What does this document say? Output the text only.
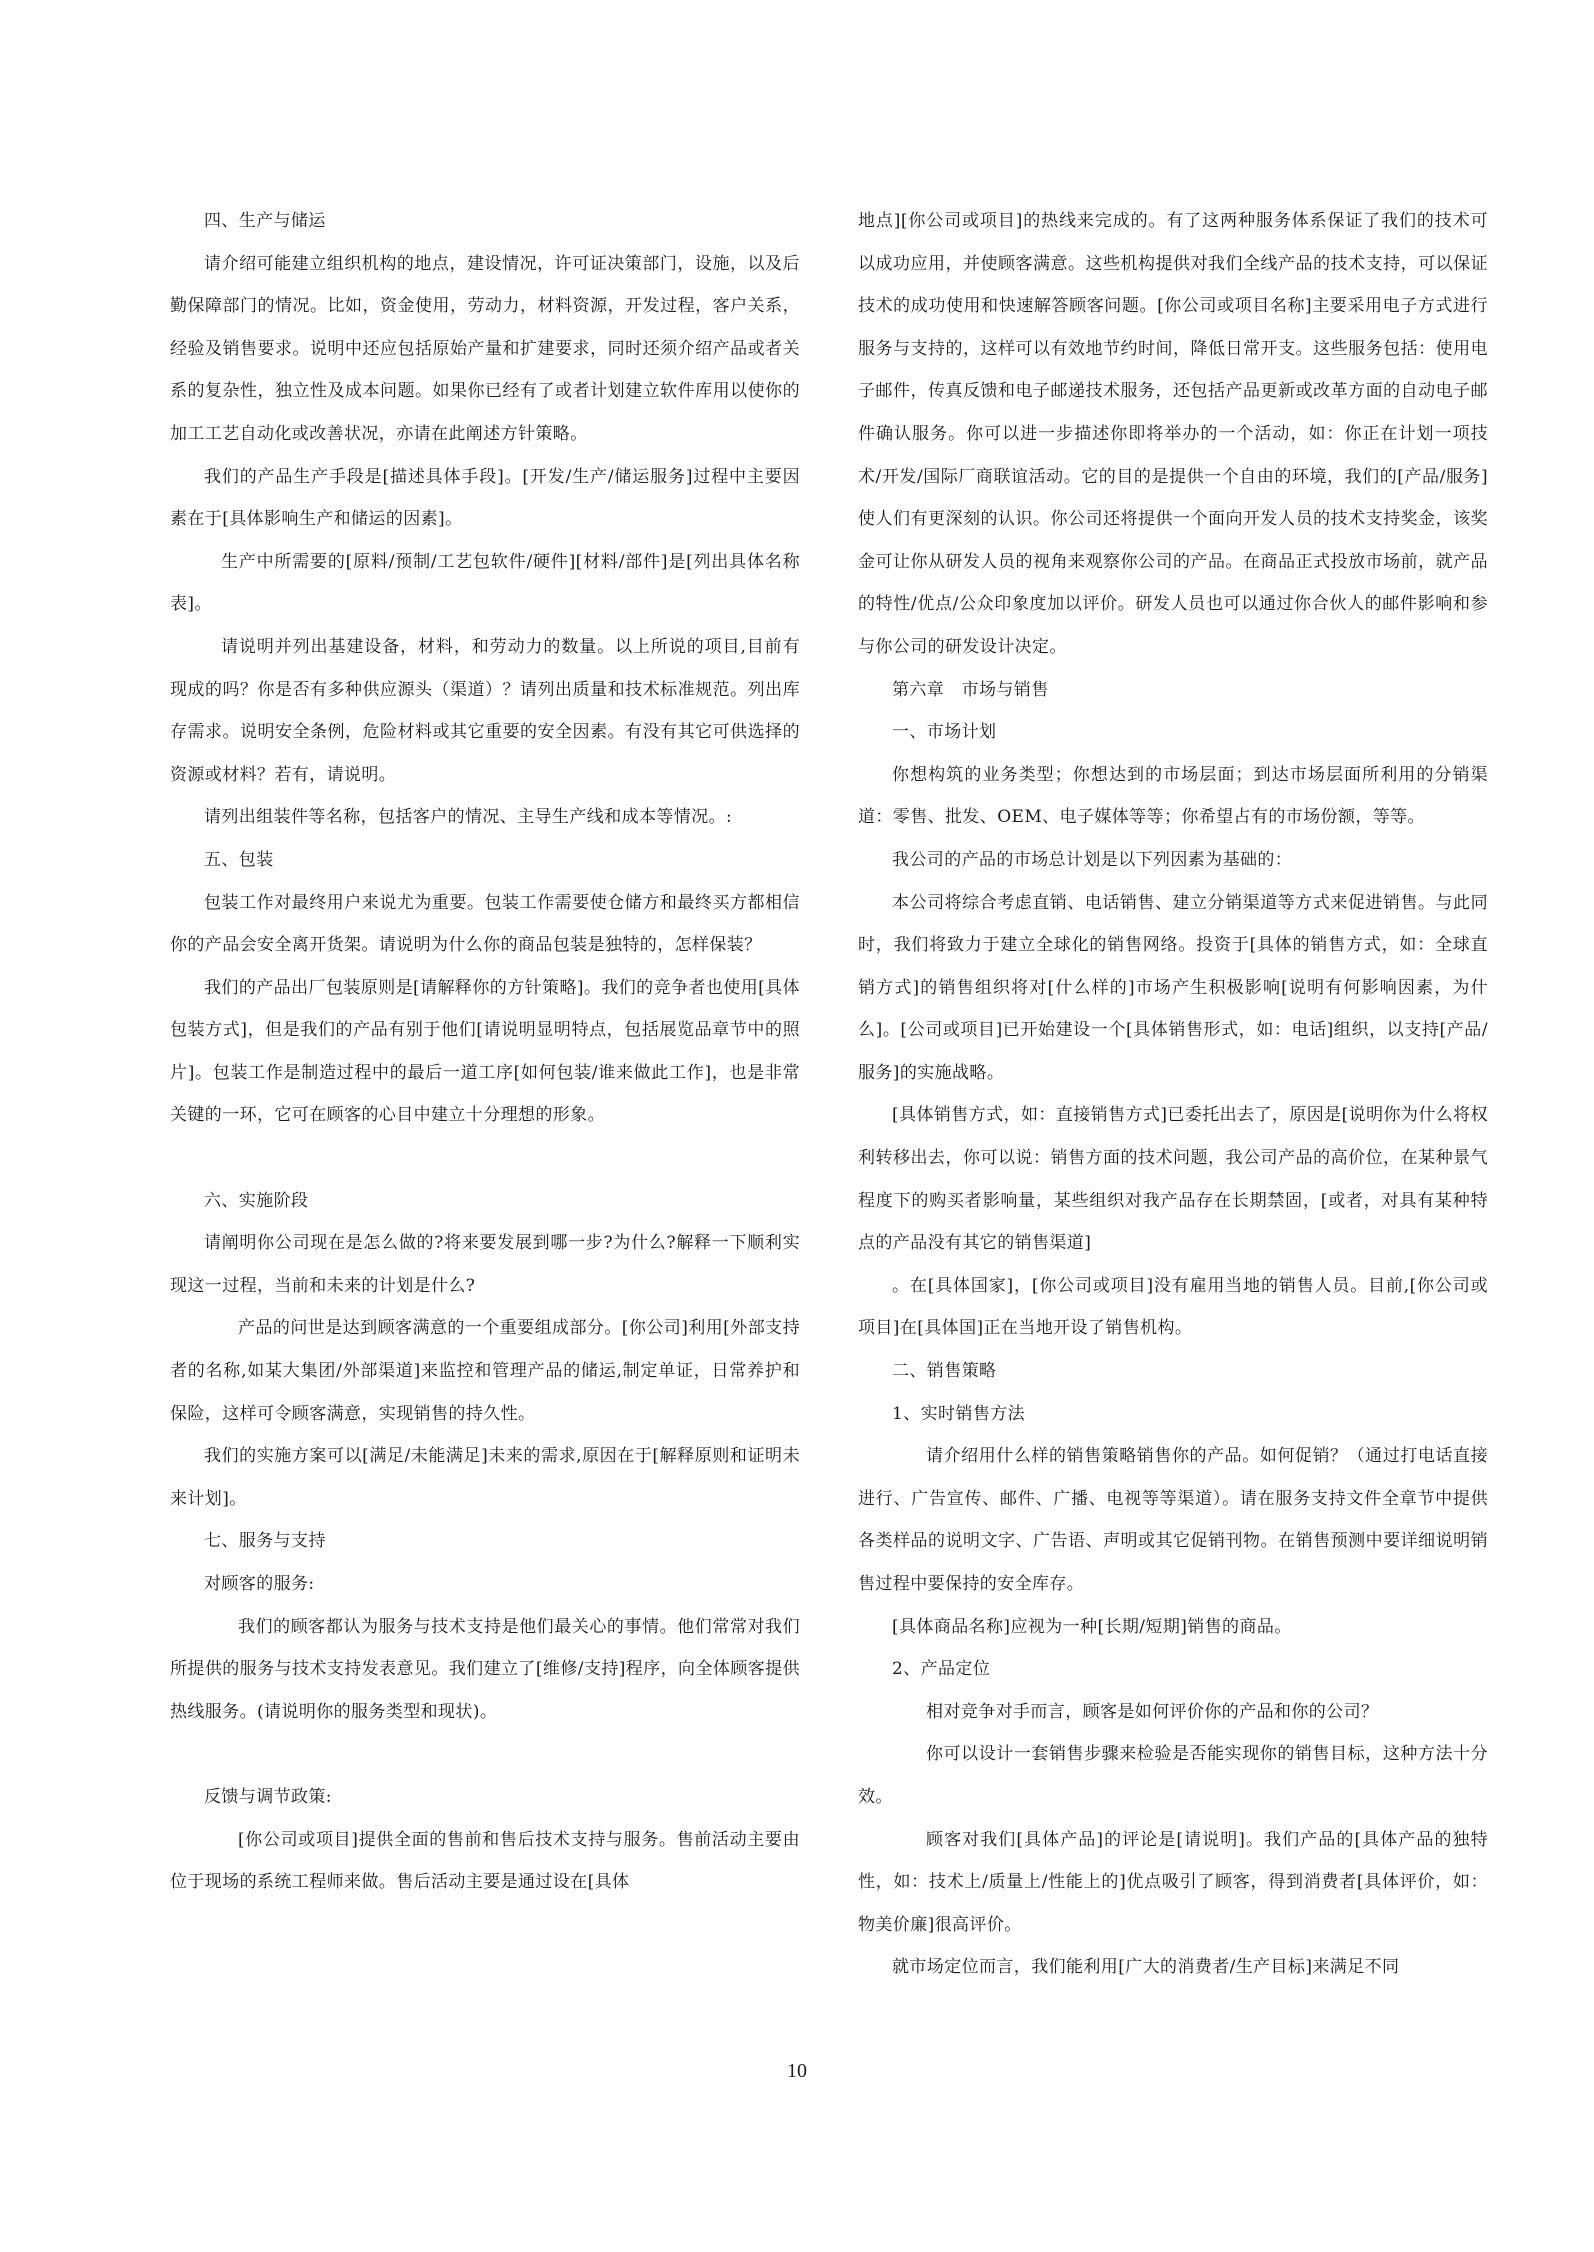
四、生产与储运

请介绍可能建立组织机构的地点，建设情况，许可证决策部门，设施，以及后勤保障部门的情况。比如，资金使用，劳动力，材料资源，开发过程，客户关系，经验及销售要求。说明中还应包括原始产量和扩建要求，同时还须介绍产品或者关系的复杂性，独立性及成本问题。如果你已经有了或者计划建立软件库用以使你的加工工艺自动化或改善状况，亦请在此阐述方针策略。

我们的产品生产手段是[描述具体手段]。[开发/生产/储运服务]过程中主要因素在于[具体影响生产和储运的因素]。

生产中所需要的[原料/预制/工艺包软件/硬件][材料/部件]是[列出具体名称表]。

请说明并列出基建设备，材料，和劳动力的数量。以上所说的项目,目前有现成的吗？你是否有多种供应源头（渠道）？请列出质量和技术标准规范。列出库存需求。说明安全条例，危险材料或其它重要的安全因素。有没有其它可供选择的资源或材料？若有，请说明。

请列出组装件等名称，包括客户的情况、主导生产线和成本等情况。:

五、包装

包装工作对最终用户来说尤为重要。包装工作需要使仓储方和最终买方都相信你的产品会安全离开货架。请说明为什么你的商品包装是独特的，怎样保装？

我们的产品出厂包装原则是[请解释你的方针策略]。我们的竞争者也使用[具体包装方式]，但是我们的产品有别于他们[请说明显明特点，包括展览品章节中的照片]。包装工作是制造过程中的最后一道工序[如何包装/谁来做此工作]，也是非常关键的一环，它可在顾客的心目中建立十分理想的形象。

六、实施阶段

请阐明你公司现在是怎么做的?将来要发展到哪一步?为什么?解释一下顺利实现这一过程，当前和未来的计划是什么?

产品的问世是达到顾客满意的一个重要组成部分。[你公司]利用[外部支持者的名称,如某大集团/外部渠道]来监控和管理产品的储运,制定单证，日常养护和保险，这样可令顾客满意，实现销售的持久性。

我们的实施方案可以[满足/未能满足]未来的需求,原因在于[解释原则和证明未来计划]。

七、服务与支持

对顾客的服务:

我们的顾客都认为服务与技术支持是他们最关心的事情。他们常常对我们所提供的服务与技术支持发表意见。我们建立了[维修/支持]程序，向全体顾客提供热线服务。(请说明你的服务类型和现状)。

反馈与调节政策:

[你公司或项目]提供全面的售前和售后技术支持与服务。售前活动主要由位于现场的系统工程师来做。售后活动主要是通过设在[具体

地点][你公司或项目]的热线来完成的。有了这两种服务体系保证了我们的技术可以成功应用，并使顾客满意。这些机构提供对我们全线产品的技术支持，可以保证技术的成功使用和快速解答顾客问题。[你公司或项目名称]主要采用电子方式进行服务与支持的，这样可以有效地节约时间，降低日常开支。这些服务包括：使用电子邮件，传真反馈和电子邮递技术服务，还包括产品更新或改革方面的自动电子邮件确认服务。你可以进一步描述你即将举办的一个活动，如：你正在计划一项技术/开发/国际厂商联谊活动。它的目的是提供一个自由的环境，我们的[产品/服务]使人们有更深刻的认识。你公司还将提供一个面向开发人员的技术支持奖金，该奖金可让你从研发人员的视角来观察你公司的产品。在商品正式投放市场前，就产品的特性/优点/公众印象度加以评价。研发人员也可以通过你合伙人的邮件影响和参与你公司的研发设计决定。

第六章　市场与销售

一、市场计划

你想构筑的业务类型；你想达到的市场层面；到达市场层面所利用的分销渠道：零售、批发、OEM、电子媒体等等；你希望占有的市场份额，等等。

我公司的产品的市场总计划是以下列因素为基础的：

本公司将综合考虑直销、电话销售、建立分销渠道等方式来促进销售。与此同时，我们将致力于建立全球化的销售网络。投资于[具体的销售方式，如：全球直销方式]的销售组织将对[什么样的]市场产生积极影响[说明有何影响因素，为什么]。[公司或项目]已开始建设一个[具体销售形式，如：电话]组织，以支持[产品/服务]的实施战略。

[具体销售方式，如：直接销售方式]已委托出去了，原因是[说明你为什么将权利转移出去，你可以说：销售方面的技术问题，我公司产品的高价位，在某种景气程度下的购买者影响量，某些组织对我产品存在长期禁固，[或者，对具有某种特点的产品没有其它的销售渠道]

。在[具体国家]，[你公司或项目]没有雇用当地的销售人员。目前,[你公司或项目]在[具体国]正在当地开设了销售机构。

二、销售策略

1、实时销售方法

请介绍用什么样的销售策略销售你的产品。如何促销？（通过打电话直接进行、广告宣传、邮件、广播、电视等等渠道）。请在服务支持文件全章节中提供各类样品的说明文字、广告语、声明或其它促销刊物。在销售预测中要详细说明销售过程中要保持的安全库存。

[具体商品名称]应视为一种[长期/短期]销售的商品。

2、产品定位

相对竞争对手而言，顾客是如何评价你的产品和你的公司？

你可以设计一套销售步骤来检验是否能实现你的销售目标，这种方法十分效。

顾客对我们[具体产品]的评论是[请说明]。我们产品的[具体产品的独特性，如：技术上/质量上/性能上的]优点吸引了顾客，得到消费者[具体评价，如：物美价廉]很高评价。

就市场定位而言，我们能利用[广大的消费者/生产目标]来满足不同

10
